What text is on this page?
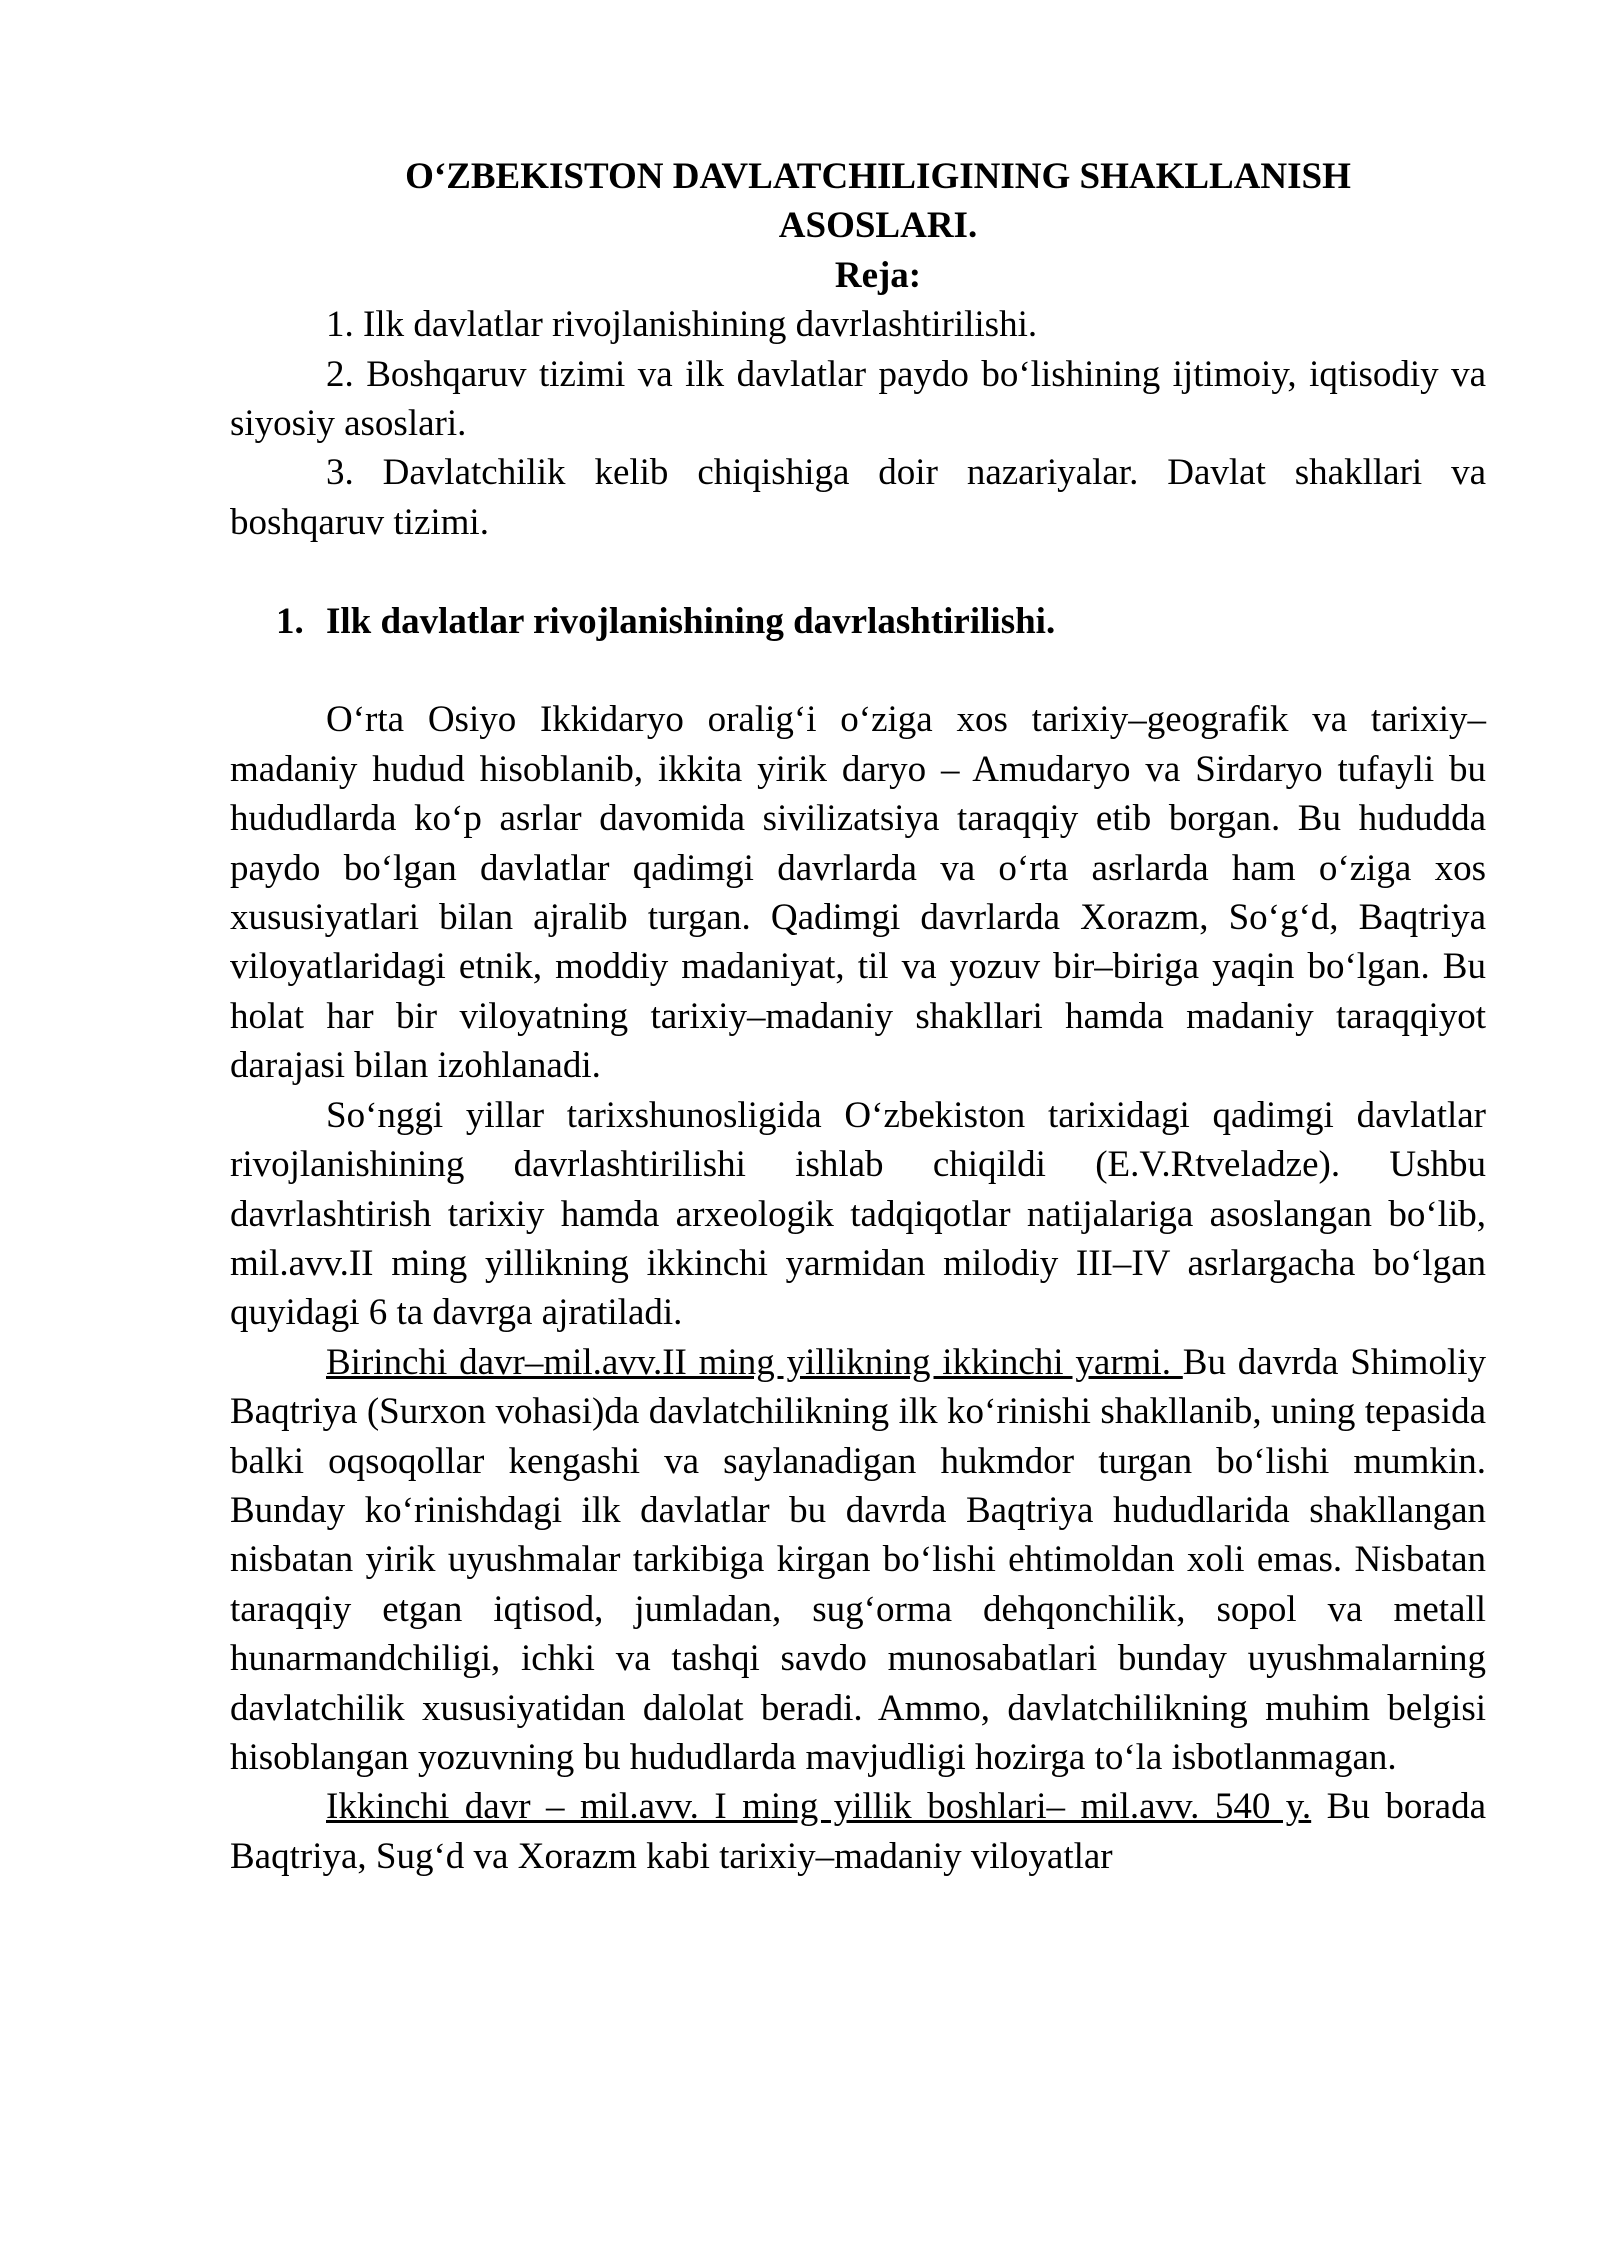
O‘ZBEKISTON DAVLATCHILIGINING SHAKLLANISH
ASOSLARI.

Reja:

1. Ilk davlatlar rivojlanishining davrlashtirilishi.

2. Boshqaruv tizimi va ilk davlatlar paydo bo‘lishining ijtimoiy, iqtisodiy va siyosiy asoslari.

3. Davlatchilik kelib chiqishiga doir nazariyalar. Davlat shakllari va boshqaruv tizimi.

1. Ilk davlatlar rivojlanishining davrlashtirilishi.

O‘rta Osiyo Ikkidaryo oralig‘i o‘ziga xos tarixiy–geografik va tarixiy–madaniy hudud hisoblanib, ikkita yirik daryo – Amudaryo va Sirdaryo tufayli bu hududlarda ko‘p asrlar davomida sivilizatsiya taraqqiy etib borgan. Bu hududda paydo bo‘lgan davlatlar qadimgi davrlarda va o‘rta asrlarda ham o‘ziga xos xususiyatlari bilan ajralib turgan. Qadimgi davrlarda Xorazm, So‘g‘d, Baqtriya viloyatlaridagi etnik, moddiy madaniyat, til va yozuv bir–biriga yaqin bo‘lgan. Bu holat har bir viloyatning tarixiy–madaniy shakllari hamda madaniy taraqqiyot darajasi bilan izohlanadi.

So‘nggi yillar tarixshunosligida O‘zbekiston tarixidagi qadimgi davlatlar rivojlanishining davrlashtirilishi ishlab chiqildi (E.V.Rtveladze). Ushbu davrlashtirish tarixiy hamda arxeologik tadqiqotlar natijalariga asoslangan bo‘lib, mil.avv.II ming yillikning ikkinchi yarmidan milodiy III–IV asrlargacha bo‘lgan quyidagi 6 ta davrga ajratiladi.

Birinchi davr–mil.avv.II ming yillikning ikkinchi yarmi. Bu davrda Shimoliy Baqtriya (Surxon vohasi)da davlatchilikning ilk ko‘rinishi shakllanib, uning tepasida balki oqsoqollar kengashi va saylanadigan hukmdor turgan bo‘lishi mumkin. Bunday ko‘rinishdagi ilk davlatlar bu davrda Baqtriya hududlarida shakllangan nisbatan yirik uyushmalar tarkibiga kirgan bo‘lishi ehtimoldan xoli emas. Nisbatan taraqqiy etgan iqtisod, jumladan, sug‘orma dehqonchilik, sopol va metall hunarmandchiligi, ichki va tashqi savdo munosabatlari bunday uyushmalarning davlatchilik xususiyatidan dalolat beradi. Ammo, davlatchilikning muhim belgisi hisoblangan yozuvning bu hududlarda mavjudligi hozirga to‘la isbotlanmagan.

Ikkinchi davr – mil.avv. I ming yillik boshlari– mil.avv. 540 y. Bu borada Baqtriya, Sug‘d va Xorazm kabi tarixiy–madaniy viloyatlar
